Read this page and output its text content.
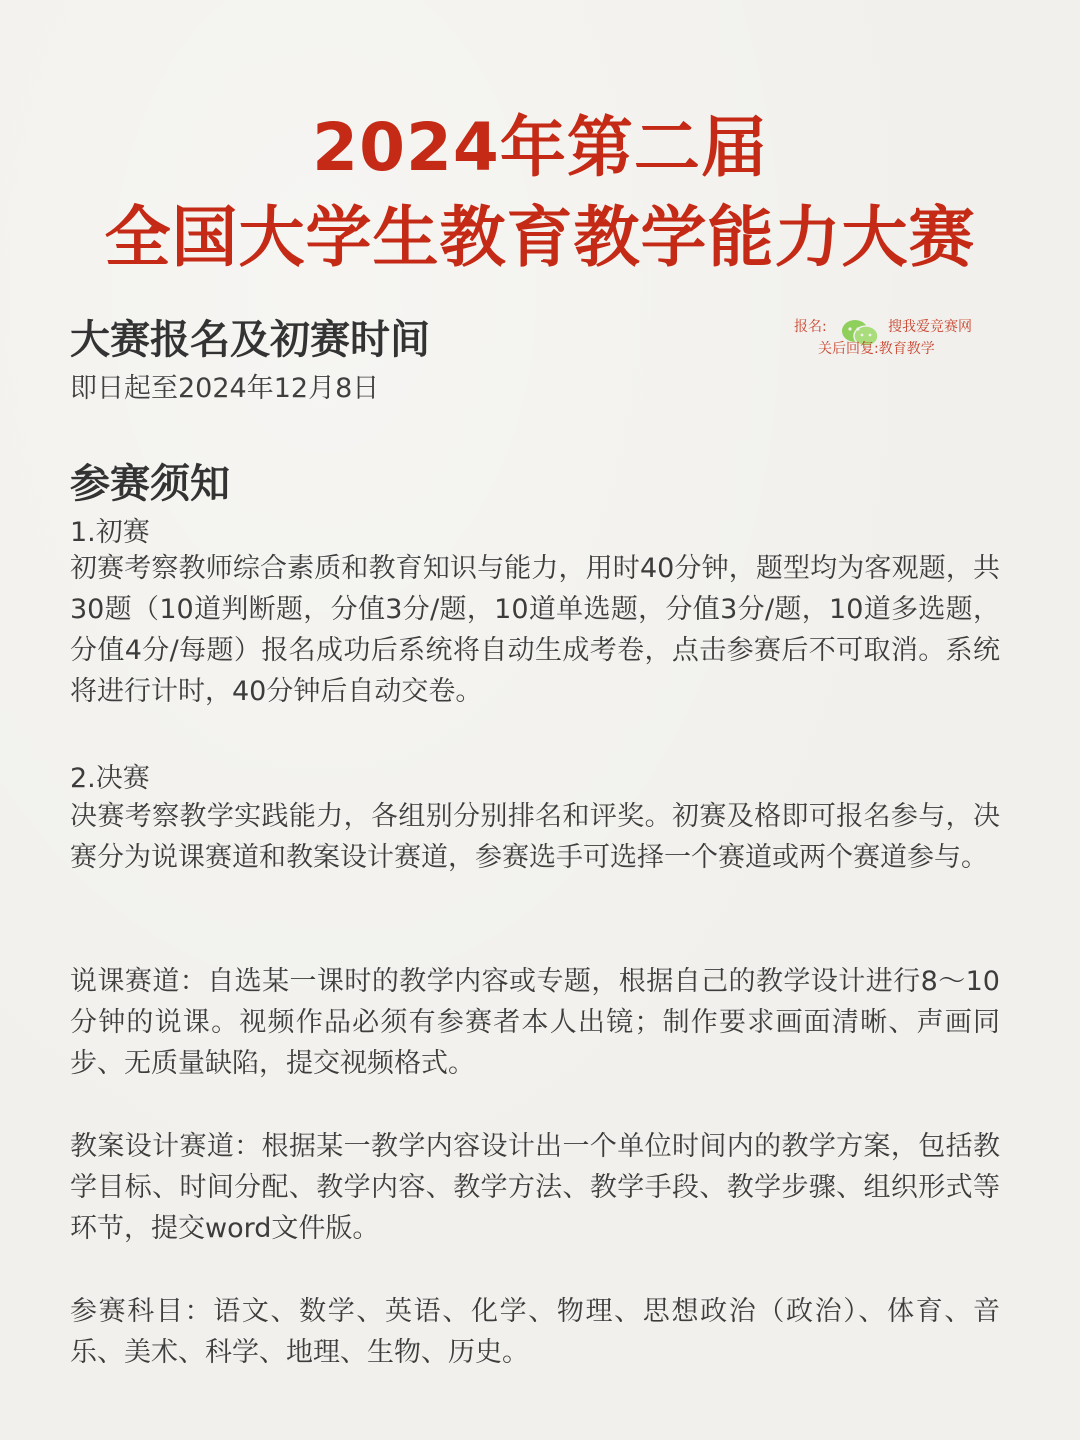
2024年第二届
全国大学生教育教学能力大赛
报名:	搜我爱竞赛网
关后回复:教育教学
大赛报名及初赛时间
即日起至2024年12月8日
参赛须知
1.初赛
初赛考察教师综合素质和教育知识与能力，用时40分钟，题型均为客观题，共30题（10道判断题，分值3分/题，10道单选题，分值3分/题，10道多选题，分值4分/每题）报名成功后系统将自动生成考卷，点击参赛后不可取消。系统将进行计时，40分钟后自动交卷。
2.决赛
决赛考察教学实践能力，各组别分别排名和评奖。初赛及格即可报名参与，决赛分为说课赛道和教案设计赛道，参赛选手可选择一个赛道或两个赛道参与。
说课赛道：自选某一课时的教学内容或专题，根据自己的教学设计进行8～10分钟的说课。视频作品必须有参赛者本人出镜；制作要求画面清晰、声画同步、无质量缺陷，提交视频格式。
教案设计赛道：根据某一教学内容设计出一个单位时间内的教学方案，包括教学目标、时间分配、教学内容、教学方法、教学手段、教学步骤、组织形式等环节，提交word文件版。
参赛科目：语文、数学、英语、化学、物理、思想政治（政治）、体育、音乐、美术、科学、地理、生物、历史。
